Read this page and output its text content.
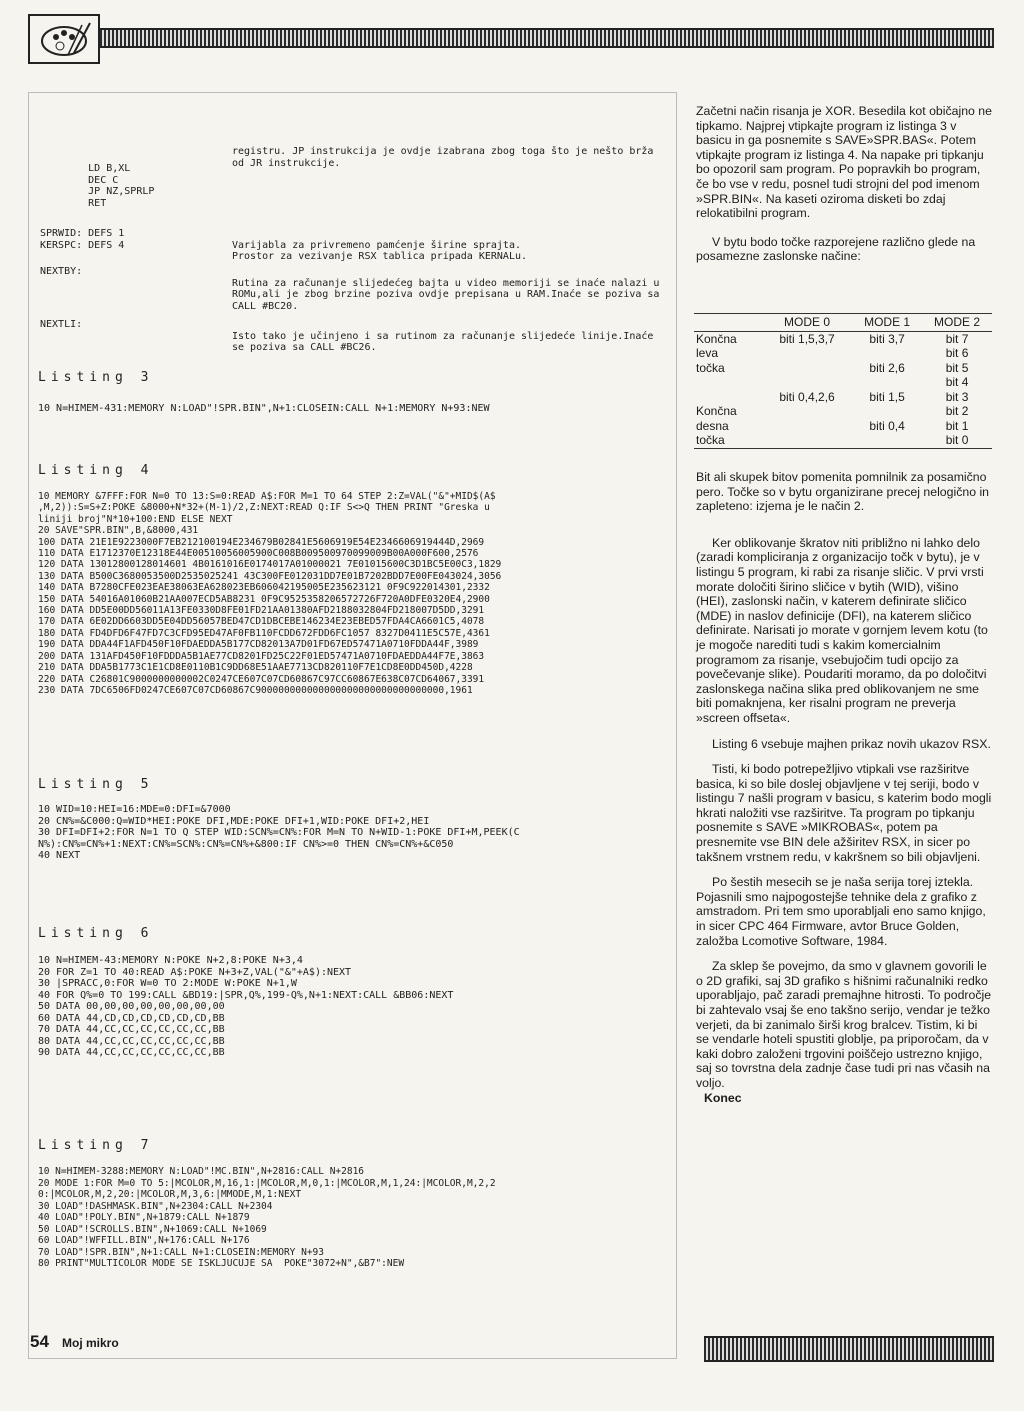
LD B,XL
DEC C
JP NZ,SPRLP
RET

registru. JP instrukcija je ovdje izabrana zbog toga što je nešto brža od JR instrukcije.

SPRWID: DEFS 1
KERSPC: DEFS 4

	Varijabla za privremeno pamćenje širine sprajta.
Prostor za vezivanje RSX tablica pripada KERNALu.

NEXTBY:

Rutina za računanje slijedećeg bajta u video memoriji se inaće nalazi u ROMu,ali je zbog brzine poziva ovdje prepisana u RAM.Inaće se poziva sa CALL #BC20.

NEXTLI:

Isto tako je učinjeno i sa rutinom za računanje slijedeće linije.Inaće se poziva sa CALL #BC26.

Listing 3
10 N=HIMEM-431:MEMORY N:LOAD"!SPR.BIN",N+1:CLOSEIN:CALL N+1:MEMORY N+93:NEW
Listing 4
10 MEMORY &7FFF:FOR N=0 TO 13:S=0:READ A$:FOR M=1 TO 64 STEP 2:Z=VAL("&"+MID$(A$
,M,2)):S=S+Z:POKE &8000+N*32+(M-1)/2,Z:NEXT:READ Q:IF S<>Q THEN PRINT "Greska u
liniji broj"N*10+100:END ELSE NEXT
20 SAVE"SPR.BIN",B,&8000,431
100 DATA 21E1E9223000F7EB212100194E234679B02841E5606919E54E2346606919444D,2969
110 DATA E1712370E12318E44E00510056005900C008B009500970099009B00A000F600,2576
120 DATA 13012800128014601 4B0161016E0174017A01000021 7E01015600C3D1BC5E00C3,1829
130 DATA B500C3680053500D2535025241 43C300FE012031DD7E01B7202BDD7E00FE043024,3056
140 DATA B7280CFE023EAE38063EA628023EB606042195005E235623121 0F9C922014301,2332
150 DATA 54016A01060B21AA007ECD5AB8231 0F9C9525358206572726F720A0DFE0320E4,2900
160 DATA DD5E00DD56011A13FE0330D8FE01FD21AA01380AFD2188032804FD218007D5DD,3291
170 DATA 6E02DD6603DD5E04DD56057BED47CD1DBCEBE146234E23EBED57FDA4CA6601C5,4078
180 DATA FD4DFD6F47FD7C3CFD95ED47AF0FB110FCDD672FDD6FC1057 8327D0411E5C57E,4361
190 DATA DDA44F1AFD450F10FDAEDDA5B177CD82013A7D01FD67ED57471A0710FDDA44F,3989
200 DATA 131AFD450F10FDDDA5B1AE77CD8201FD25C22F01ED57471A0710FDAEDDA44F7E,3863
210 DATA DDA5B1773C1E1CD8E0110B1C9DD68E51AAE7713CD820110F7E1CD8E0DD450D,4228
220 DATA C26801C9000000000002C0247CE607C07CD60867C97CC60867E638C07CD64067,3391
230 DATA 7DC6506FD0247CE607C07CD60867C900000000000000000000000000000000,1961
Listing 5
10 WID=10:HEI=16:MDE=0:DFI=&7000
20 CN%=&C000:Q=WID*HEI:POKE DFI,MDE:POKE DFI+1,WID:POKE DFI+2,HEI
30 DFI=DFI+2:FOR N=1 TO Q STEP WID:SCN%=CN%:FOR M=N TO N+WID-1:POKE DFI+M,PEEK(C
N%):CN%=CN%+1:NEXT:CN%=SCN%:CN%=CN%+&800:IF CN%>=0 THEN CN%=CN%+&C050
40 NEXT
Listing 6
10 N=HIMEM-43:MEMORY N:POKE N+2,8:POKE N+3,4
20 FOR Z=1 TO 40:READ A$:POKE N+3+Z,VAL("&"+A$):NEXT
30 |SPRACC,0:FOR W=0 TO 2:MODE W:POKE N+1,W
40 FOR Q%=0 TO 199:CALL &BD19:|SPR,Q%,199-Q%,N+1:NEXT:CALL &BB06:NEXT
50 DATA 00,00,00,00,00,00,00,00
60 DATA 44,CD,CD,CD,CD,CD,CD,BB
70 DATA 44,CC,CC,CC,CC,CC,CC,BB
80 DATA 44,CC,CC,CC,CC,CC,CC,BB
90 DATA 44,CC,CC,CC,CC,CC,CC,BB
Listing 7
10 N=HIMEM-3288:MEMORY N:LOAD"!MC.BIN",N+2816:CALL N+2816
20 MODE 1:FOR M=0 TO 5:|MCOLOR,M,16,1:|MCOLOR,M,0,1:|MCOLOR,M,1,24:|MCOLOR,M,2,2
0:|MCOLOR,M,2,20:|MCOLOR,M,3,6:|MMODE,M,1:NEXT
30 LOAD"!DASHMASK.BIN",N+2304:CALL N+2304
40 LOAD"!POLY.BIN",N+1879:CALL N+1879
50 LOAD"!SCROLLS.BIN",N+1069:CALL N+1069
60 LOAD"!WFFILL.BIN",N+176:CALL N+176
70 LOAD"!SPR.BIN",N+1:CALL N+1:CLOSEIN:MEMORY N+93
80 PRINT"MULTICOLOR MODE SE ISKLJUCUJE SA  POKE"3072+N",&B7":NEW

Začetni način risanja je XOR. Besedila kot običajno ne tipkamo. Najprej vtipkajte program iz listinga 3 v basicu in ga posnemite s SAVE»SPR.BAS«. Potem vtipkajte program iz listinga 4. Na napake pri tipkanju bo opozoril sam program. Po popravkih bo program, če bo vse v redu, posnel tudi strojni del pod imenom »SPR.BIN«. Na kaseti oziroma disketi bo zdaj relokatibilni program.

V bytu bodo točke razporejene različno glede na posamezne zaslonske načine:

	MODE 0	MODE 1	MODE 2
Končna	biti 1,5,3,7	biti 3,7	bit 7
leva			bit 6
točka		biti 2,6	bit 5
			bit 4
	biti 0,4,2,6	biti 1,5	bit 3
Končna			bit 2
desna		biti 0,4	bit 1
točka			bit 0

Bit ali skupek bitov pomenita pomnilnik za posamično pero. Točke so v bytu organizirane precej nelogično in zapleteno: izjema je le način 2.

Ker oblikovanje škratov niti približno ni lahko delo (zaradi kompliciranja z organizacijo točk v bytu), je v listingu 5 program, ki rabi za risanje sličic. V prvi vrsti morate določiti širino sličice v bytih (WID), višino (HEI), zaslonski način, v katerem definirate sličico (MDE) in naslov definicije (DFI), na katerem sličico definirate. Narisati jo morate v gornjem levem kotu (to je mogoče narediti tudi s kakim komercialnim programom za risanje, vsebujočim tudi opcijo za povečevanje slike). Poudariti moramo, da po določitvi zaslonskega načina slika pred oblikovanjem ne sme biti pomaknjena, ker risalni program ne preverja »screen offseta«.

Listing 6 vsebuje majhen prikaz novih ukazov RSX.

Tisti, ki bodo potrepežljivo vtipkali vse razširitve basica, ki so bile doslej objavljene v tej seriji, bodo v listingu 7 našli program v basicu, s katerim bodo mogli hkrati naložiti vse razširitve. Ta program po tipkanju posnemite s SAVE »MIKROBAS«, potem pa presnemite vse BIN dele ažširitev RSX, in sicer po takšnem vrstnem redu, v kakršnem so bili objavljeni.

Po šestih mesecih se je naša serija torej iztekla. Pojasnili smo najpogostejše tehnike dela z grafiko z amstradom. Pri tem smo uporabljali eno samo knjigo, in sicer CPC 464 Firmware, avtor Bruce Golden, založba Lcomotive Software, 1984.

Za sklep še povejmo, da smo v glavnem govorili le o 2D grafiki, saj 3D grafiko s hišnimi računalniki redko uporabljajo, pač zaradi premajhne hitrosti. To področje bi zahtevalo vsaj še eno takšno serijo, vendar je težko verjeti, da bi zanimalo širši krog bralcev. Tistim, ki bi se vendarle hoteli spustiti globlje, pa priporočam, da v kaki dobro založeni trgovini poiščejo ustrezno knjigo, saj so tovrstna dela zadnje čase tudi pri nas včasih na voljo.

Konec

54 Moj mikro
